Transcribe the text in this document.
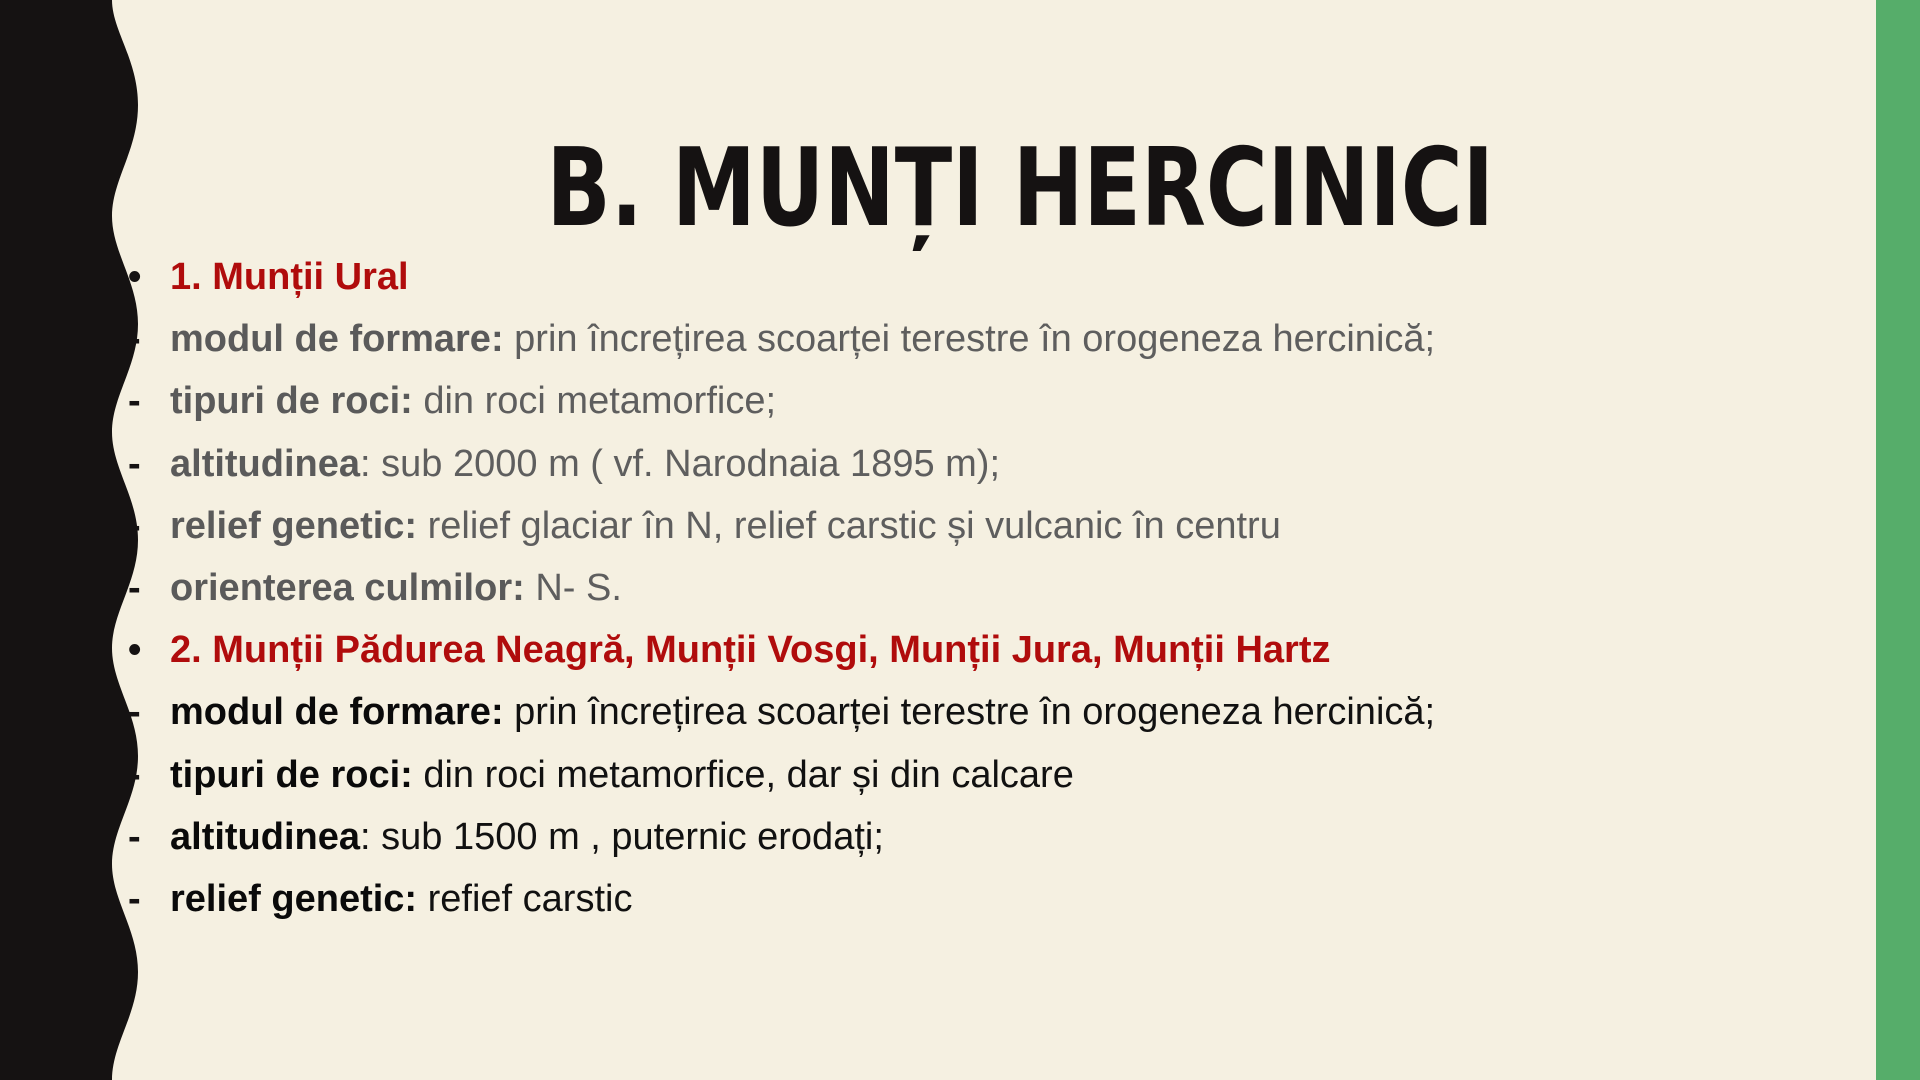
B. MUNȚI HERCINICI
• 1. Munții Ural
- modul de formare: prin încrețirea scoarței terestre în orogeneza hercinică;
- tipuri de roci: din roci metamorfice;
- altitudinea: sub 2000 m ( vf. Narodnaia 1895 m);
- relief genetic: relief glaciar în N, relief carstic și vulcanic în centru
- orienterea culmilor: N- S.
• 2. Munții Pădurea Neagră, Munții Vosgi, Munții Jura, Munții Hartz
- modul de formare: prin încrețirea scoarței terestre în orogeneza hercinică;
- tipuri de roci: din roci metamorfice, dar și din calcare
- altitudinea: sub 1500 m , puternic erodați;
- relief genetic: refief carstic
